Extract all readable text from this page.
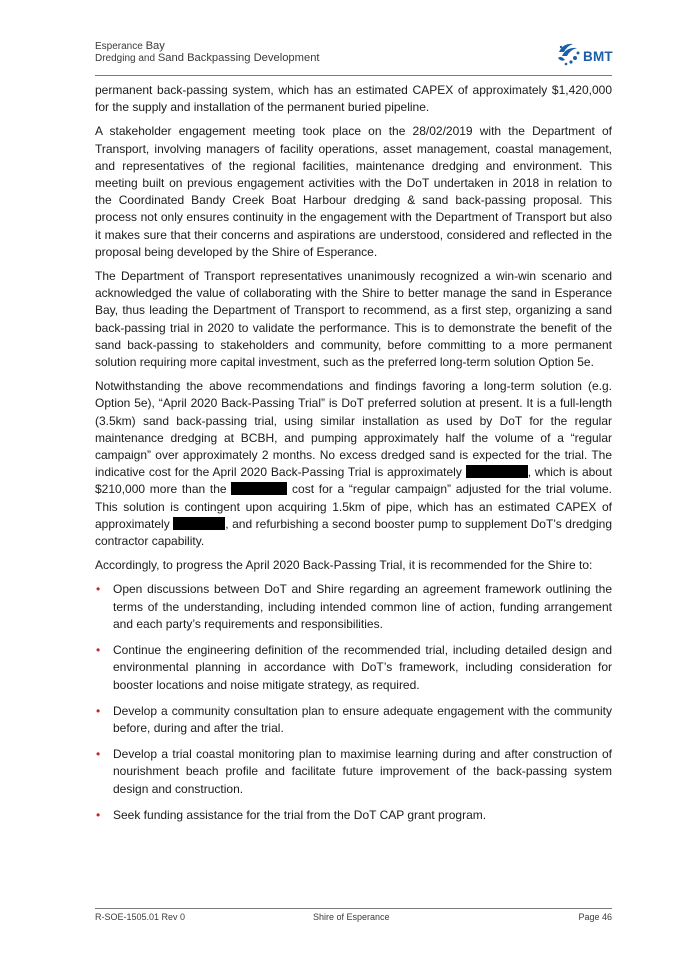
Esperance Bay
Dredging and Sand Backpassing Development	BMT

permanent back-passing system, which has an estimated CAPEX of approximately $1,420,000 for the supply and installation of the permanent buried pipeline.

A stakeholder engagement meeting took place on the 28/02/2019 with the Department of Transport, involving managers of facility operations, asset management, coastal management, and representatives of the regional facilities, maintenance dredging and environment. This meeting built on previous engagement activities with the DoT undertaken in 2018 in relation to the Coordinated Bandy Creek Boat Harbour dredging & sand back-passing proposal. This process not only ensures continuity in the engagement with the Department of Transport but also it makes sure that their concerns and aspirations are understood, considered and reflected in the proposal being developed by the Shire of Esperance.

The Department of Transport representatives unanimously recognized a win-win scenario and acknowledged the value of collaborating with the Shire to better manage the sand in Esperance Bay, thus leading the Department of Transport to recommend, as a first step, organizing a sand back-passing trial in 2020 to validate the performance. This is to demonstrate the benefit of the sand back-passing to stakeholders and community, before committing to a more permanent solution requiring more capital investment, such as the preferred long-term solution Option 5e.

Notwithstanding the above recommendations and findings favoring a long-term solution (e.g. Option 5e), “April 2020 Back-Passing Trial” is DoT preferred solution at present. It is a full-length (3.5km) sand back-passing trial, using similar installation as used by DoT for the regular maintenance dredging at BCBH, and pumping approximately half the volume of a “regular campaign” over approximately 2 months. No excess dredged sand is expected for the trial. The indicative cost for the April 2020 Back-Passing Trial is approximately	, which is about $210,000 more than the	cost for a “regular campaign” adjusted for the trial volume. This solution is contingent upon acquiring 1.5km of pipe, which has an estimated CAPEX of approximately	, and refurbishing a second booster pump to supplement DoT’s dredging contractor capability.

Accordingly, to progress the April 2020 Back-Passing Trial, it is recommended for the Shire to:

• Open discussions between DoT and Shire regarding an agreement framework outlining the terms of the understanding, including intended common line of action, funding arrangement and each party’s requirements and responsibilities.
• Continue the engineering definition of the recommended trial, including detailed design and environmental planning in accordance with DoT’s framework, including consideration for booster locations and noise mitigate strategy, as required.
• Develop a community consultation plan to ensure adequate engagement with the community before, during and after the trial.
• Develop a trial coastal monitoring plan to maximise learning during and after construction of nourishment beach profile and facilitate future improvement of the back-passing system design and construction.
• Seek funding assistance for the trial from the DoT CAP grant program.
R-SOE-1505.01 Rev 0	Shire of Esperance	Page 46
